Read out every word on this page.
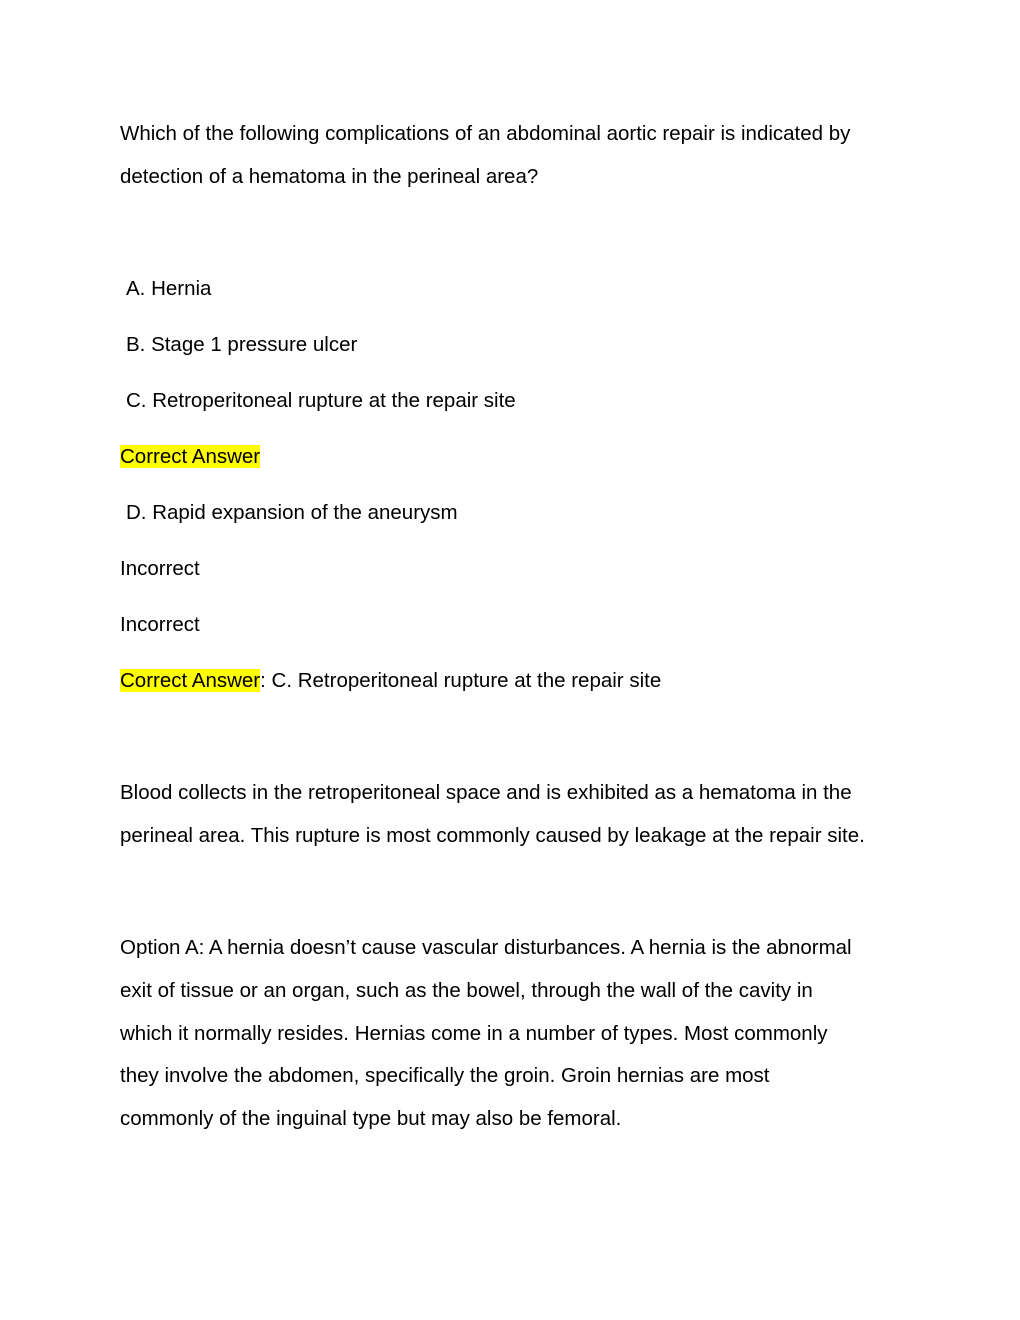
Which of the following complications of an abdominal aortic repair is indicated by
detection of a hematoma in the perineal area?
A. Hernia
B. Stage 1 pressure ulcer
C. Retroperitoneal rupture at the repair site
Correct Answer
D. Rapid expansion of the aneurysm
Incorrect
Incorrect
Correct Answer: C. Retroperitoneal rupture at the repair site
Blood collects in the retroperitoneal space and is exhibited as a hematoma in the
perineal area. This rupture is most commonly caused by leakage at the repair site.
Option A: A hernia doesn’t cause vascular disturbances. A hernia is the abnormal
exit of tissue or an organ, such as the bowel, through the wall of the cavity in
which it normally resides. Hernias come in a number of types. Most commonly
they involve the abdomen, specifically the groin. Groin hernias are most
commonly of the inguinal type but may also be femoral.
